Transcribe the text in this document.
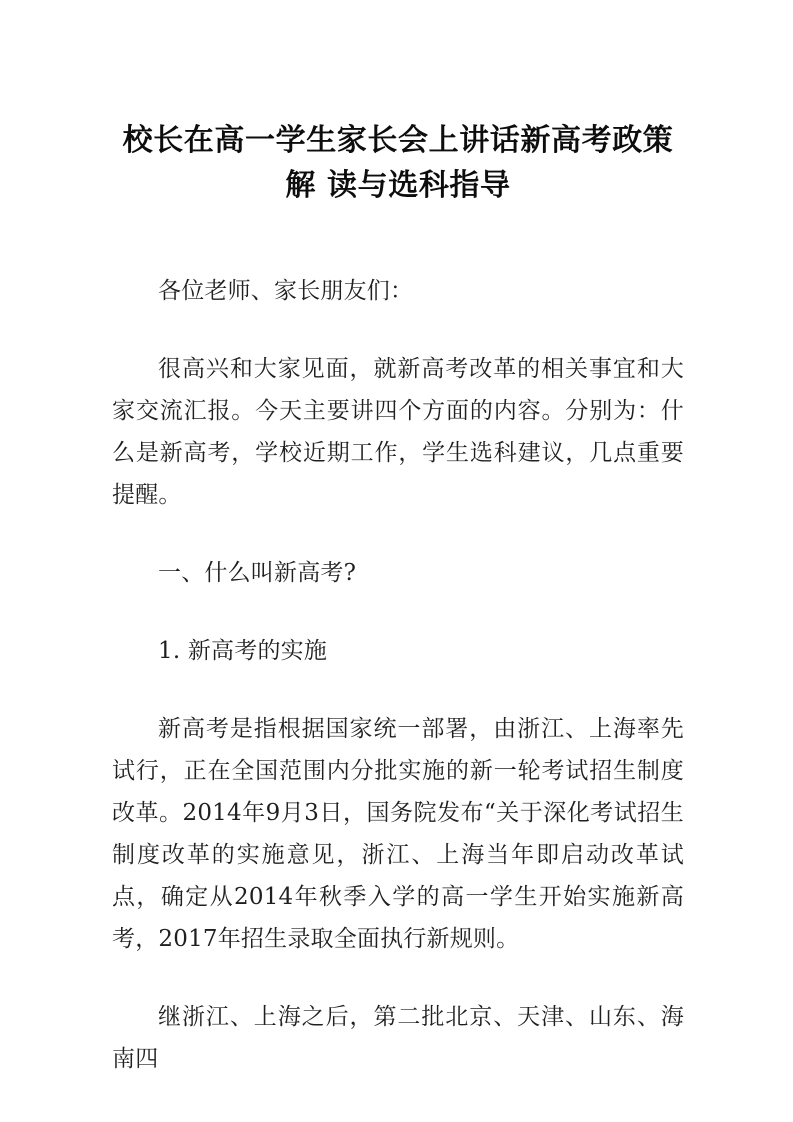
校长在高一学生家长会上讲话新高考政策解 读与选科指导

各位老师、家长朋友们：

很高兴和大家见面，就新高考改革的相关事宜和大家交流汇报。今天主要讲四个方面的内容。分别为：什么是新高考，学校近期工作，学生选科建议，几点重要提醒。

一、什么叫新高考?

1. 新高考的实施

新高考是指根据国家统一部署，由浙江、上海率先试行，正在全国范围内分批实施的新一轮考试招生制度改革。2014年9月3日，国务院发布“关于深化考试招生制度改革的实施意见，浙江、上海当年即启动改革试点，确定从2014年秋季入学的高一学生开始实施新高考，2017年招生录取全面执行新规则。

继浙江、上海之后，第二批北京、天津、山东、海南四
